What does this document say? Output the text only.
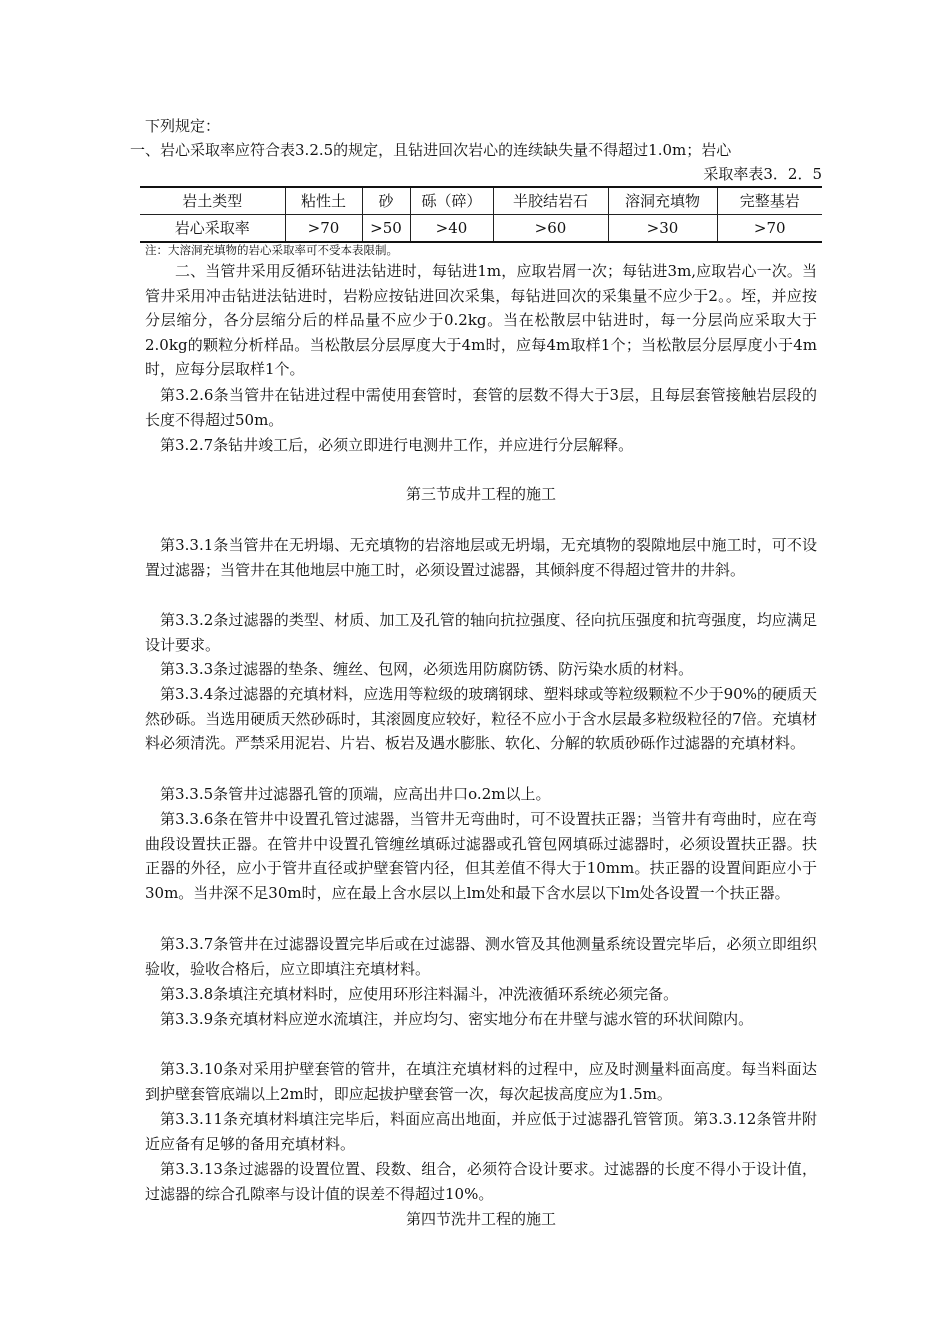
下列规定：
一、岩心采取率应符合表3.2.5的规定，且钻进回次岩心的连续缺失量不得超过1.0m；岩心
采取率表3．2．5
岩土类型	粘性土	砂	砾（碎）	半胶结岩石	溶洞充填物	完整基岩
岩心采取率	>70	>50	>40	>60	>30	>70
注：大溶洞充填物的岩心采取率可不受本表限制。
二、当管井采用反循环钻进法钻进时，每钻进1m，应取岩屑一次；每钻进3m,应取岩心一次。当管井采用冲击钻进法钻进时，岩粉应按钻进回次采集，每钻进回次的采集量不应少于2。。垤，并应按分层缩分，各分层缩分后的样品量不应少于0.2kg。当在松散层中钻进时，每一分层尚应采取大于2.0kg的颗粒分析样品。当松散层分层厚度大于4m时，应每4m取样1个；当松散层分层厚度小于4m时，应每分层取样1个。
第3.2.6条当管井在钻进过程中需使用套管时，套管的层数不得大于3层，且每层套管接触岩层段的长度不得超过50m。
第3.2.7条钻井竣工后，必须立即进行电测井工作，并应进行分层解释。
第三节成井工程的施工
第3.3.1条当管井在无坍塌、无充填物的岩溶地层或无坍塌，无充填物的裂隙地层中施工时，可不设置过滤器；当管井在其他地层中施工时，必须设置过滤器，其倾斜度不得超过管井的井斜。
第3.3.2条过滤器的类型、材质、加工及孔管的轴向抗拉强度、径向抗压强度和抗弯强度，均应满足设计要求。
第3.3.3条过滤器的垫条、缠丝、包网，必须选用防腐防锈、防污染水质的材料。
第3.3.4条过滤器的充填材料，应选用等粒级的玻璃钢球、塑料球或等粒级颗粒不少于90%的硬质天然砂砾。当选用硬质天然砂砾时，其滚圆度应较好，粒径不应小于含水层最多粒级粒径的7倍。充填材料必须清洗。严禁采用泥岩、片岩、板岩及遇水膨胀、软化、分解的软质砂砾作过滤器的充填材料。
第3.3.5条管井过滤器孔管的顶端，应高出井口o.2m以上。
第3.3.6条在管井中设置孔管过滤器，当管井无弯曲时，可不设置扶正器；当管井有弯曲时，应在弯曲段设置扶正器。在管井中设置孔管缠丝填砾过滤器或孔管包网填砾过滤器时，必须设置扶正器。扶正器的外径，应小于管井直径或护壁套管内径，但其差值不得大于10mm。扶正器的设置间距应小于30m。当井深不足30m时，应在最上含水层以上lm处和最下含水层以下lm处各设置一个扶正器。
第3.3.7条管井在过滤器设置完毕后或在过滤器、测水管及其他测量系统设置完毕后，必须立即组织验收，验收合格后，应立即填注充填材料。
第3.3.8条填注充填材料时，应使用环形注料漏斗，冲洗液循环系统必须完备。
第3.3.9条充填材料应逆水流填注，并应均匀、密实地分布在井壁与滤水管的环状间隙内。
第3.3.10条对采用护壁套管的管井，在填注充填材料的过程中，应及时测量料面高度。每当料面达到护壁套管底端以上2m时，即应起拔护壁套管一次，每次起拔高度应为1.5m。
第3.3.11条充填材料填注完毕后，料面应高出地面，并应低于过滤器孔管管顶。第3.3.12条管井附近应备有足够的备用充填材料。
第3.3.13条过滤器的设置位置、段数、组合，必须符合设计要求。过滤器的长度不得小于设计值，过滤器的综合孔隙率与设计值的误差不得超过10%。
第四节洗井工程的施工
